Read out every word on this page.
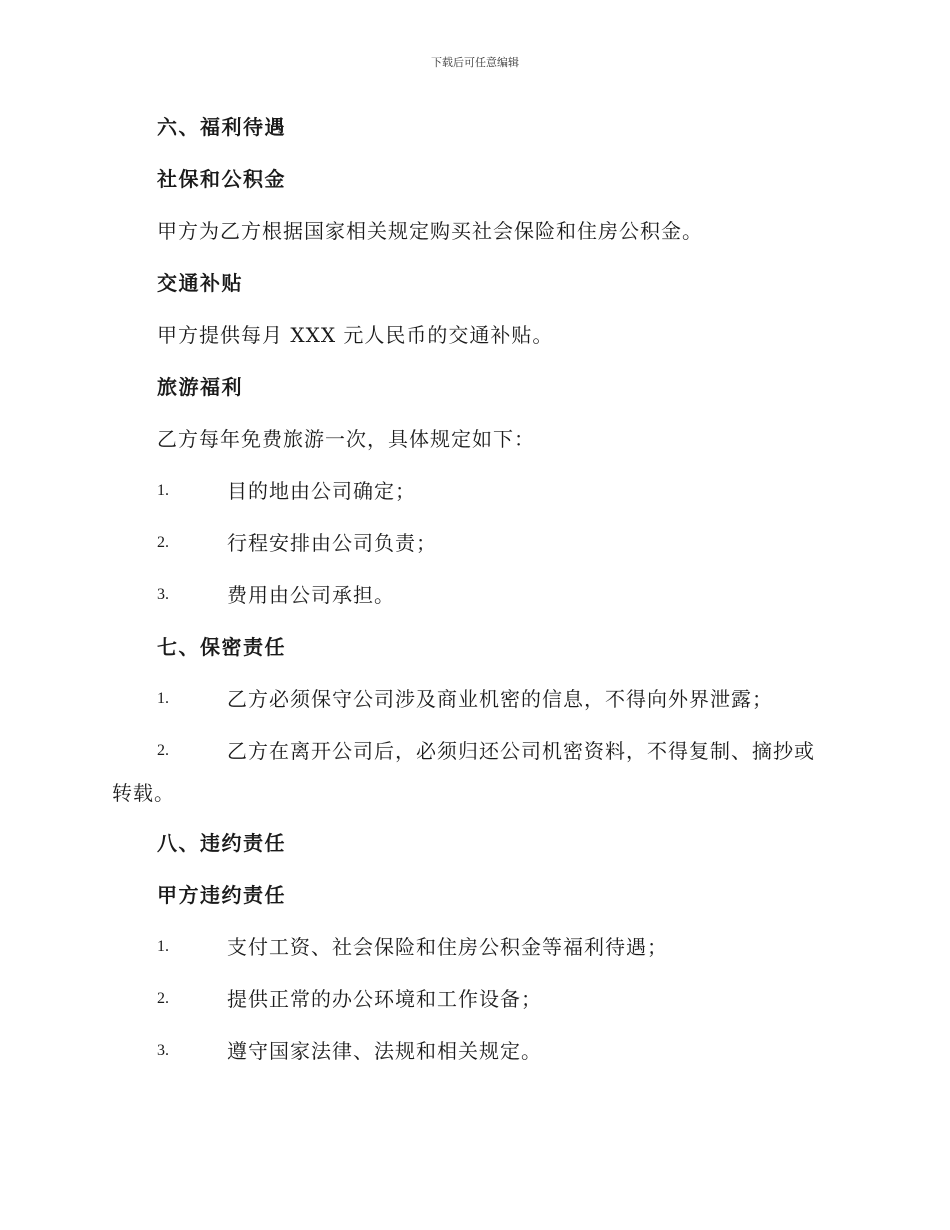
下载后可任意编辑
六、福利待遇
社保和公积金
甲方为乙方根据国家相关规定购买社会保险和住房公积金。
交通补贴
甲方提供每月 XXX 元人民币的交通补贴。
旅游福利
乙方每年免费旅游一次，具体规定如下：
1.	目的地由公司确定；
2.	行程安排由公司负责；
3.	费用由公司承担。
七、保密责任
1.	乙方必须保守公司涉及商业机密的信息，不得向外界泄露；
2.	乙方在离开公司后，必须归还公司机密资料，不得复制、摘抄或
转载。
八、违约责任
甲方违约责任
1.	支付工资、社会保险和住房公积金等福利待遇；
2.	提供正常的办公环境和工作设备；
3.	遵守国家法律、法规和相关规定。
